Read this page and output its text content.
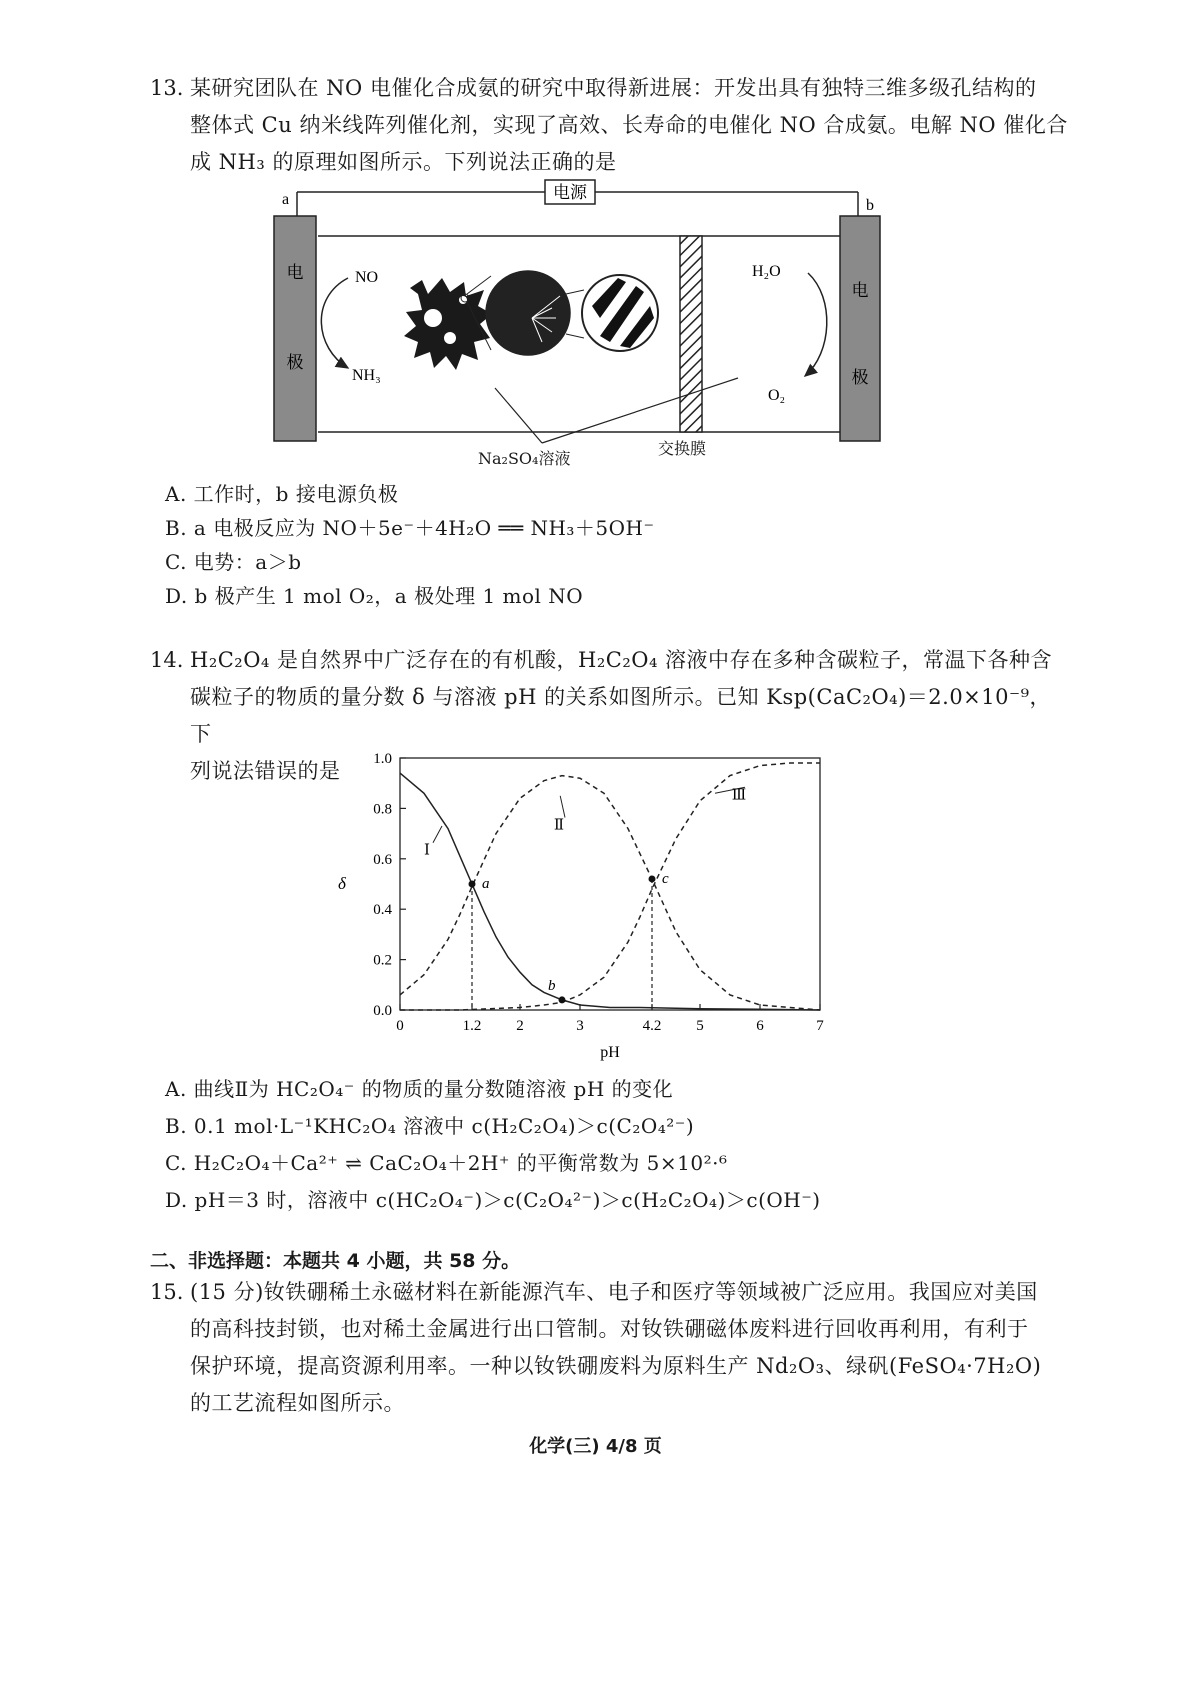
13. 某研究团队在 NO 电催化合成氨的研究中取得新进展：开发出具有独特三维多级孔结构的
整体式 Cu 纳米线阵列催化剂，实现了高效、长寿命的电催化 NO 合成氨。电解 NO 催化合
成 NH₃ 的原理如图所示。下列说法正确的是
电源
a	b
电
极
电
极
NO
NH₃
H₂O
O₂
Na₂SO₄溶液
交换膜
A. 工作时，b 接电源负极
B. a 电极反应为 NO＋5e⁻＋4H₂O ══ NH₃＋5OH⁻
C. 电势：a＞b
D. b 极产生 1 mol O₂，a 极处理 1 mol NO
14. H₂C₂O₄ 是自然界中广泛存在的有机酸，H₂C₂O₄ 溶液中存在多种含碳粒子，常温下各种含
碳粒子的物质的量分数 δ 与溶液 pH 的关系如图所示。已知 Ksp(CaC₂O₄)＝2.0×10⁻⁹，下
列说法错误的是
0	1.2 2	3	4.2 5	6	7
0.0
0.2
0.4
0.6
0.8
1.0
pH
δ
Ⅰ
Ⅱ
Ⅲ
a
b
c
A. 曲线Ⅱ为 HC₂O₄⁻ 的物质的量分数随溶液 pH 的变化
B. 0.1 mol·L⁻¹KHC₂O₄ 溶液中 c(H₂C₂O₄)＞c(C₂O₄²⁻)
C. H₂C₂O₄＋Ca²⁺ ⇌ CaC₂O₄＋2H⁺ 的平衡常数为 5×10²·⁶
D. pH＝3 时，溶液中 c(HC₂O₄⁻)＞c(C₂O₄²⁻)＞c(H₂C₂O₄)＞c(OH⁻)
二、非选择题：本题共 4 小题，共 58 分。
15. (15 分)钕铁硼稀土永磁材料在新能源汽车、电子和医疗等领域被广泛应用。我国应对美国
的高科技封锁，也对稀土金属进行出口管制。对钕铁硼磁体废料进行回收再利用，有利于
保护环境，提高资源利用率。一种以钕铁硼废料为原料生产 Nd₂O₃、绿矾(FeSO₄·7H₂O)
的工艺流程如图所示。
化学(三) 4/8 页
